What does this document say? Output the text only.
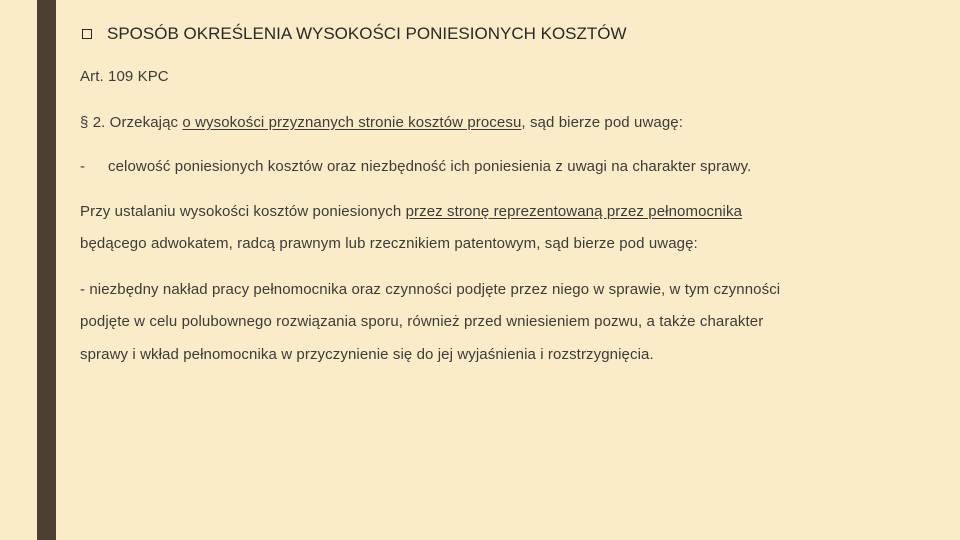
SPOSÓB OKREŚLENIA WYSOKOŚCI PONIESIONYCH KOSZTÓW
Art. 109 KPC
§ 2. Orzekając o wysokości przyznanych stronie kosztów procesu, sąd bierze pod uwagę:
-	celowość poniesionych kosztów oraz niezbędność ich poniesienia z uwagi na charakter sprawy.
Przy ustalaniu wysokości kosztów poniesionych przez stronę reprezentowaną przez pełnomocnika
będącego adwokatem, radcą prawnym lub rzecznikiem patentowym, sąd bierze pod uwagę:
- niezbędny nakład pracy pełnomocnika oraz czynności podjęte przez niego w sprawie, w tym czynności
podjęte w celu polubownego rozwiązania sporu, również przed wniesieniem pozwu, a także charakter
sprawy i wkład pełnomocnika w przyczynienie się do jej wyjaśnienia i rozstrzygnięcia.
